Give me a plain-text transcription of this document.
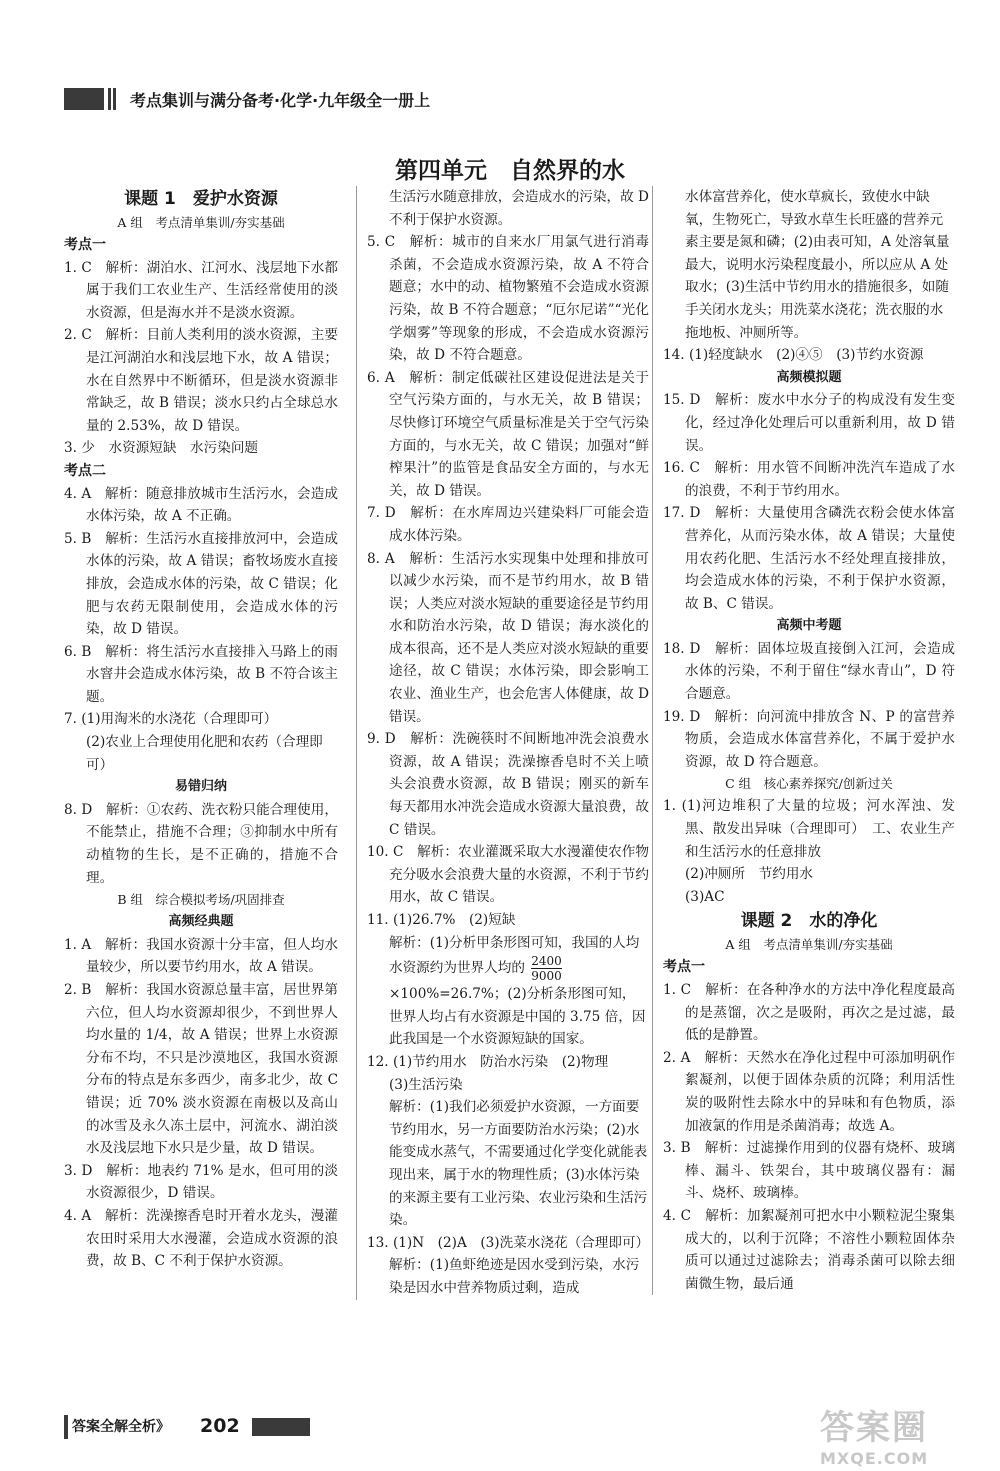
考点集训与满分备考·化学·九年级全一册上
第四单元　自然界的水
课题 1　爱护水资源
A 组　考点清单集训/夯实基础
考点一
1. C　解析：湖泊水、江河水、浅层地下水都属于我们工农业生产、生活经常使用的淡水资源，但是海水并不是淡水资源。
2. C　解析：目前人类利用的淡水资源，主要是江河湖泊水和浅层地下水，故 A 错误；水在自然界中不断循环，但是淡水资源非常缺乏，故 B 错误；淡水只约占全球总水量的 2.53%，故 D 错误。
3. 少　水资源短缺　水污染问题
考点二
4. A　解析：随意排放城市生活污水，会造成水体污染，故 A 不正确。
5. B　解析：生活污水直接排放河中，会造成水体的污染，故 A 错误；畜牧场废水直接排放，会造成水体的污染，故 C 错误；化肥与农药无限制使用，会造成水体的污染，故 D 错误。
6. B　解析：将生活污水直接排入马路上的雨水窨井会造成水体污染，故 B 不符合该主题。
7. (1)用淘米的水浇花（合理即可）
(2)农业上合理使用化肥和农药（合理即可）
易错归纳
8. D　解析：①农药、洗衣粉只能合理使用，不能禁止，措施不合理；③抑制水中所有动植物的生长，是不正确的，措施不合理。
B 组　综合模拟考场/巩固排查
高频经典题
1. A　解析：我国水资源十分丰富，但人均水量较少，所以要节约用水，故 A 错误。
2. B　解析：我国水资源总量丰富，居世界第六位，但人均水资源却很少，不到世界人均水量的 1/4，故 A 错误；世界上水资源分布不均，不只是沙漠地区，我国水资源分布的特点是东多西少，南多北少，故 C 错误；近 70% 淡水资源在南极以及高山的冰雪及永久冻土层中，河流水、湖泊淡水及浅层地下水只是少量，故 D 错误。
3. D　解析：地表约 71% 是水，但可用的淡水资源很少，D 错误。
4. A　解析：洗澡擦香皂时开着水龙头，漫灌农田时采用大水漫灌，会造成水资源的浪费，故 B、C 不利于保护水资源。
生活污水随意排放，会造成水的污染，故 D 不利于保护水资源。
5. C　解析：城市的自来水厂用氯气进行消毒杀菌，不会造成水资源污染，故 A 不符合题意；水中的动、植物繁殖不会造成水资源污染，故 B 不符合题意；“厄尔尼诺”“光化学烟雾”等现象的形成，不会造成水资源污染，故 D 不符合题意。
6. A　解析：制定低碳社区建设促进法是关于空气污染方面的，与水无关，故 B 错误；尽快修订环境空气质量标准是关于空气污染方面的，与水无关，故 C 错误；加强对“鲜榨果汁”的监管是食品安全方面的，与水无关，故 D 错误。
7. D　解析：在水库周边兴建染料厂可能会造成水体污染。
8. A　解析：生活污水实现集中处理和排放可以减少水污染，而不是节约用水，故 B 错误；人类应对淡水短缺的重要途径是节约用水和防治水污染，故 D 错误；海水淡化的成本很高，还不是人类应对淡水短缺的重要途径，故 C 错误；水体污染，即会影响工农业、渔业生产，也会危害人体健康，故 D 错误。
9. D　解析：洗碗筷时不间断地冲洗会浪费水资源，故 A 错误；洗澡擦香皂时不关上喷头会浪费水资源，故 B 错误；刚买的新车每天都用水冲洗会造成水资源大量浪费，故 C 错误。
10. C　解析：农业灌溉采取大水漫灌使农作物充分吸水会浪费大量的水资源，不利于节约用水，故 C 错误。
11. (1)26.7%　(2)短缺
解析：(1)分析甲条形图可知，我国的人均水资源约为世界人均的 $\frac{2400}{9000}$
×100%=26.7%；(2)分析条形图可知，世界人均占有水资源是中国的 3.75 倍，因此我国是一个水资源短缺的国家。
12. (1)节约用水　防治水污染　(2)物理
(3)生活污染
解析：(1)我们必须爱护水资源，一方面要节约用水，另一方面要防治水污染；(2)水能变成水蒸气，不需要通过化学变化就能表现出来，属于水的物理性质；(3)水体污染的来源主要有工业污染、农业污染和生活污染。
13. (1)N　(2)A　(3)洗菜水浇花（合理即可）
解析：(1)鱼虾绝迹是因水受到污染，水污染是因水中营养物质过剩，造成
水体富营养化，使水草疯长，致使水中缺氧，生物死亡，导致水草生长旺盛的营养元素主要是氮和磷；(2)由表可知，A 处溶氧量最大，说明水污染程度最小，所以应从 A 处取水；(3)生活中节约用水的措施很多，如随手关闭水龙头；用洗菜水浇花；洗衣服的水拖地板、冲厕所等。
14. (1)轻度缺水　(2)④⑤　(3)节约水资源
高频模拟题
15. D　解析：废水中水分子的构成没有发生变化，经过净化处理后可以重新利用，故 D 错误。
16. C　解析：用水管不间断冲洗汽车造成了水的浪费，不利于节约用水。
17. D　解析：大量使用含磷洗衣粉会使水体富营养化，从而污染水体，故 A 错误；大量使用农药化肥、生活污水不经处理直接排放，均会造成水体的污染，不利于保护水资源，故 B、C 错误。
高频中考题
18. D　解析：固体垃圾直接倒入江河，会造成水体的污染，不利于留住“绿水青山”，D 符合题意。
19. D　解析：向河流中排放含 N、P 的富营养物质，会造成水体富营养化，不属于爱护水资源，故 D 符合题意。
C 组　核心素养探究/创新过关
1. (1)河边堆积了大量的垃圾；河水浑浊、发黑、散发出异味（合理即可）　工、农业生产和生活污水的任意排放
(2)冲厕所　节约用水
(3)AC
课题 2　水的净化
A 组　考点清单集训/夯实基础
考点一
1. C　解析：在各种净水的方法中净化程度最高的是蒸馏，次之是吸附，再次之是过滤，最低的是静置。
2. A　解析：天然水在净化过程中可添加明矾作絮凝剂，以便于固体杂质的沉降；利用活性炭的吸附性去除水中的异味和有色物质，添加液氯的作用是杀菌消毒；故选 A。
3. B　解析：过滤操作用到的仪器有烧杯、玻璃棒、漏斗、铁架台，其中玻璃仪器有：漏斗、烧杯、玻璃棒。
4. C　解析：加絮凝剂可把水中小颗粒泥尘聚集成大的，以利于沉降；不溶性小颗粒固体杂质可以通过过滤除去；消毒杀菌可以除去细菌微生物，最后通
答案全解全析》 202	答案圈
MXQE.COM
